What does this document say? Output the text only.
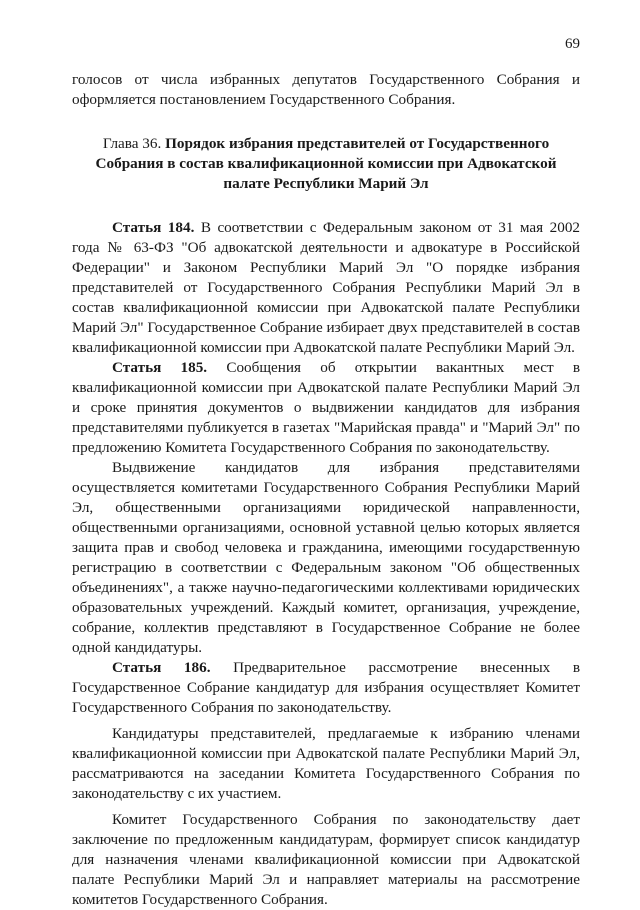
69

голосов от числа избранных депутатов Государственного Собрания и оформляется постановлением Государственного Собрания.

Глава 36. Порядок избрания представителей от Государственного Собрания в состав квалификационной комиссии при Адвокатской палате Республики Марий Эл

Статья 184. В соответствии с Федеральным законом от 31 мая 2002 года № 63-ФЗ "Об адвокатской деятельности и адвокатуре в Российской Федерации" и Законом Республики Марий Эл "О порядке избрания представителей от Государственного Собрания Республики Марий Эл в состав квалификационной комиссии при Адвокатской палате Республики Марий Эл" Государственное Собрание избирает двух представителей в состав квалификационной комиссии при Адвокатской палате Республики Марий Эл.

Статья 185. Сообщения об открытии вакантных мест в квалификационной комиссии при Адвокатской палате Республики Марий Эл и сроке принятия документов о выдвижении кандидатов для избрания представителями публикуется в газетах "Марийская правда" и "Марий Эл" по предложению Комитета Государственного Собрания по законодательству.

Выдвижение кандидатов для избрания представителями осуществляется комитетами Государственного Собрания Республики Марий Эл, общественными организациями юридической направленности, общественными организациями, основной уставной целью которых является защита прав и свобод человека и гражданина, имеющими государственную регистрацию в соответствии с Федеральным законом "Об общественных объединениях", а также научно-педагогическими коллективами юридических образовательных учреждений. Каждый комитет, организация, учреждение, собрание, коллектив представляют в Государственное Собрание не более одной кандидатуры.

Статья 186. Предварительное рассмотрение внесенных в Государственное Собрание кандидатур для избрания осуществляет Комитет Государственного Собрания по законодательству.

Кандидатуры представителей, предлагаемые к избранию членами квалификационной комиссии при Адвокатской палате Республики Марий Эл, рассматриваются на заседании Комитета Государственного Собрания по законодательству с их участием.

Комитет Государственного Собрания по законодательству дает заключение по предложенным кандидатурам, формирует список кандидатур для назначения членами квалификационной комиссии при Адвокатской палате Республики Марий Эл и направляет материалы на рассмотрение комитетов Государственного Собрания.
